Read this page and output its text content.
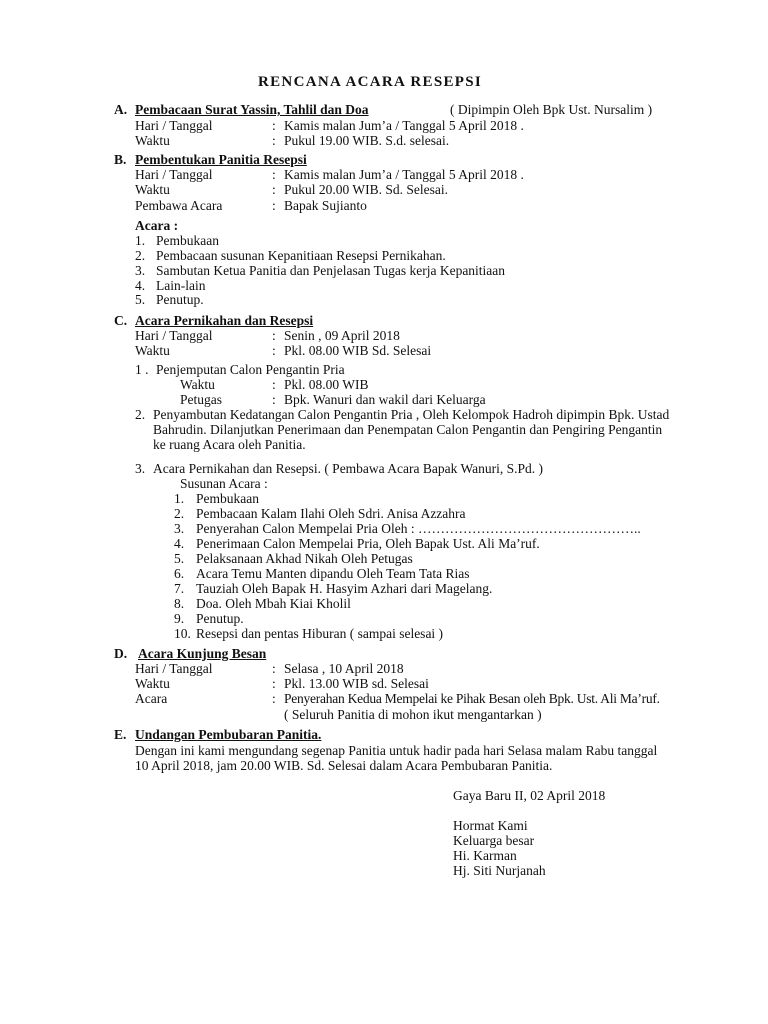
RENCANA ACARA RESEPSI
A. Pembacaan Surat Yassin, Tahlil dan Doa	( Dipimpin Oleh Bpk Ust. Nursalim )
Hari / Tanggal	: Kamis malan Jum’a / Tanggal 5 April 2018 .
Waktu	: Pukul 19.00 WIB. S.d. selesai.
B. Pembentukan Panitia Resepsi
Hari / Tanggal	: Kamis malan Jum’a / Tanggal 5 April 2018 .
Waktu	: Pukul 20.00 WIB. Sd. Selesai.
Pembawa Acara	: Bapak Sujianto
Acara :
1. Pembukaan
2. Pembacaan susunan Kepanitiaan Resepsi Pernikahan.
3. Sambutan Ketua Panitia dan Penjelasan Tugas kerja Kepanitiaan
4. Lain-lain
5. Penutup.
C. Acara Pernikahan dan Resepsi
Hari / Tanggal	: Senin , 09 April 2018
Waktu	: Pkl. 08.00 WIB Sd. Selesai
1 . Penjemputan Calon Pengantin Pria
Waktu	: Pkl. 08.00 WIB
Petugas	: Bpk. Wanuri dan wakil dari Keluarga
2. Penyambutan Kedatangan Calon Pengantin Pria , Oleh Kelompok Hadroh dipimpin Bpk. Ustad
Bahrudin. Dilanjutkan Penerimaan dan Penempatan Calon Pengantin dan Pengiring Pengantin
ke ruang Acara oleh Panitia.
3. Acara Pernikahan dan Resepsi. ( Pembawa Acara Bapak Wanuri, S.Pd. )
Susunan Acara :
1. Pembukaan
2. Pembacaan Kalam Ilahi Oleh Sdri. Anisa Azzahra
3. Penyerahan Calon Mempelai Pria Oleh : …………………………………………..
4. Penerimaan Calon Mempelai Pria, Oleh Bapak Ust. Ali Ma’ruf.
5. Pelaksanaan Akhad Nikah Oleh Petugas
6. Acara Temu Manten dipandu Oleh Team Tata Rias
7. Tauziah Oleh Bapak H. Hasyim Azhari dari Magelang.
8. Doa. Oleh Mbah Kiai Kholil
9. Penutup.
10. Resepsi dan pentas Hiburan ( sampai selesai )
D. Acara Kunjung Besan
Hari / Tanggal	: Selasa , 10 April 2018
Waktu	: Pkl. 13.00 WIB sd. Selesai
Acara	: Penyerahan Kedua Mempelai ke Pihak Besan oleh Bpk. Ust. Ali Ma’ruf.
( Seluruh Panitia di mohon ikut mengantarkan )
E. Undangan Pembubaran Panitia.
Dengan ini kami mengundang segenap Panitia untuk hadir pada hari Selasa malam Rabu tanggal
10 April 2018, jam 20.00 WIB. Sd. Selesai dalam Acara Pembubaran Panitia.
Gaya Baru II, 02 April 2018
Hormat Kami
Keluarga besar
Hi. Karman
Hj. Siti Nurjanah
